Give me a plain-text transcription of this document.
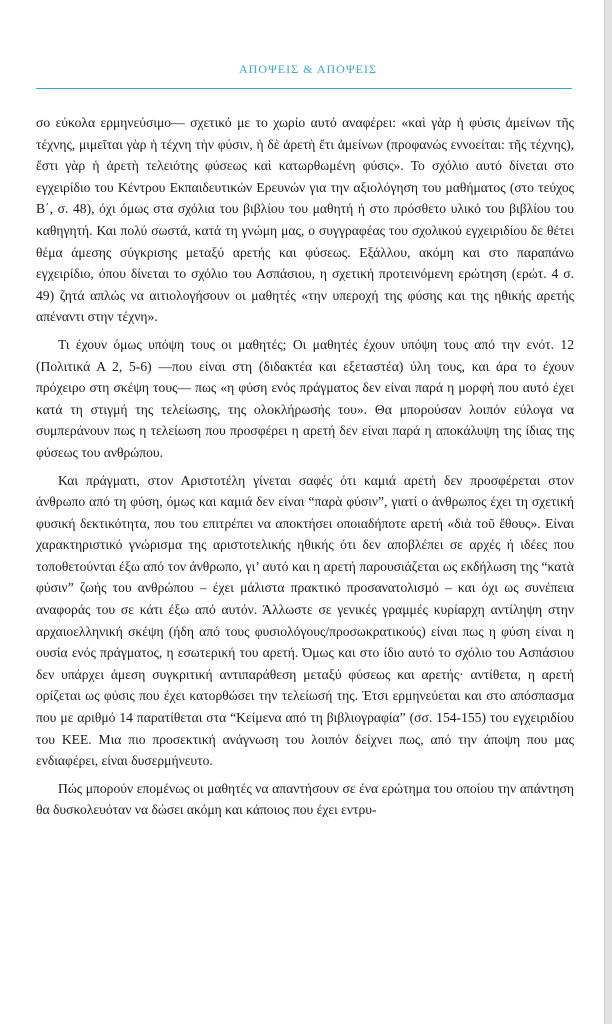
ΑΠΟΨΕΙΣ & ΑΠΟΨΕΙΣ

σο εύκολα ερμηνεύσιμο— σχετικό με το χωρίο αυτό αναφέρει: «καὶ γὰρ ἡ φύσις ἀμείνων τῆς τέχνης, μιμεῖται γὰρ ἡ τέχνη τὴν φύσιν, ἡ δὲ ἀρετὴ ἔτι ἀμείνων (προφανώς εννοείται: τῆς τέχνης), ἔστι γὰρ ἡ ἀρετὴ τελειότης φύσεως καὶ κατωρθωμένη φύσις». Το σχόλιο αυτό δίνεται στο εγχειρίδιο του Κέντρου Εκπαιδευτικών Ερευνών για την αξιολόγηση του μαθήματος (στο τεύχος Β΄, σ. 48), όχι όμως στα σχόλια του βιβλίου του μαθητή ή στο πρόσθετο υλικό του βιβλίου του καθηγητή. Και πολύ σωστά, κατά τη γνώμη μας, ο συγγραφέας του σχολικού εγχειριδίου δε θέτει θέμα άμεσης σύγκρισης μεταξύ αρετής και φύσεως. Εξάλλου, ακόμη και στο παραπάνω εγχειρίδιο, όπου δίνεται το σχόλιο του Ασπάσιου, η σχετική προτεινόμενη ερώτηση (ερώτ. 4 σ. 49) ζητά απλώς να αιτιολογήσουν οι μαθητές «την υπεροχή της φύσης και της ηθικής αρετής απέναντι στην τέχνη».

Τι έχουν όμως υπόψη τους οι μαθητές; Οι μαθητές έχουν υπόψη τους από την ενότ. 12 (Πολιτικά Α 2, 5-6) —που είναι στη (διδακτέα και εξεταστέα) ύλη τους, και άρα το έχουν πρόχειρο στη σκέψη τους— πως «η φύση ενός πράγματος δεν είναι παρά η μορφή που αυτό έχει κατά τη στιγμή της τελείωσης, της ολοκλήρωσής του». Θα μπορούσαν λοιπόν εύλογα να συμπεράνουν πως η τελείωση που προσφέρει η αρετή δεν είναι παρά η αποκάλυψη της ίδιας της φύσεως του ανθρώπου.

Και πράγματι, στον Αριστοτέλη γίνεται σαφές ότι καμιά αρετή δεν προσφέρεται στον άνθρωπο από τη φύση, όμως και καμιά δεν είναι “παρὰ φύσιν”, γιατί ο άνθρωπος έχει τη σχετική φυσική δεκτικότητα, που του επιτρέπει να αποκτήσει οποιαδήποτε αρετή «διὰ τοῦ ἔθους». Είναι χαρακτηριστικό γνώρισμα της αριστοτελικής ηθικής ότι δεν αποβλέπει σε αρχές ή ιδέες που τοποθετούνται έξω από τον άνθρωπο, γι’ αυτό και η αρετή παρουσιάζεται ως εκδήλωση της “κατὰ φύσιν” ζωής του ανθρώπου – έχει μάλιστα πρακτικό προσανατολισμό – και όχι ως συνέπεια αναφοράς του σε κάτι έξω από αυτόν. Άλλωστε σε γενικές γραμμές κυρίαρχη αντίληψη στην αρχαιοελληνική σκέψη (ήδη από τους φυσιολόγους/προσωκρατικούς) είναι πως η φύση είναι η ουσία ενός πράγματος, η εσωτερική του αρετή. Όμως και στο ίδιο αυτό το σχόλιο του Ασπάσιου δεν υπάρχει άμεση συγκριτική αντιπαράθεση μεταξύ φύσεως και αρετής· αντίθετα, η αρετή ορίζεται ως φύσις που έχει κατορθώσει την τελείωσή της. Έτσι ερμηνεύεται και στο απόσπασμα που με αριθμό 14 παρατίθεται στα “Κείμενα από τη βιβλιογραφία” (σσ. 154-155) του εγχειριδίου του ΚΕΕ. Μια πιο προσεκτική ανάγνωση του λοιπόν δείχνει πως, από την άποψη που μας ενδιαφέρει, είναι δυσερμήνευτο.

Πώς μπορούν επομένως οι μαθητές να απαντήσουν σε ένα ερώτημα του οποίου την απάντηση θα δυσκολευόταν να δώσει ακόμη και κάποιος που έχει εντρυ-
